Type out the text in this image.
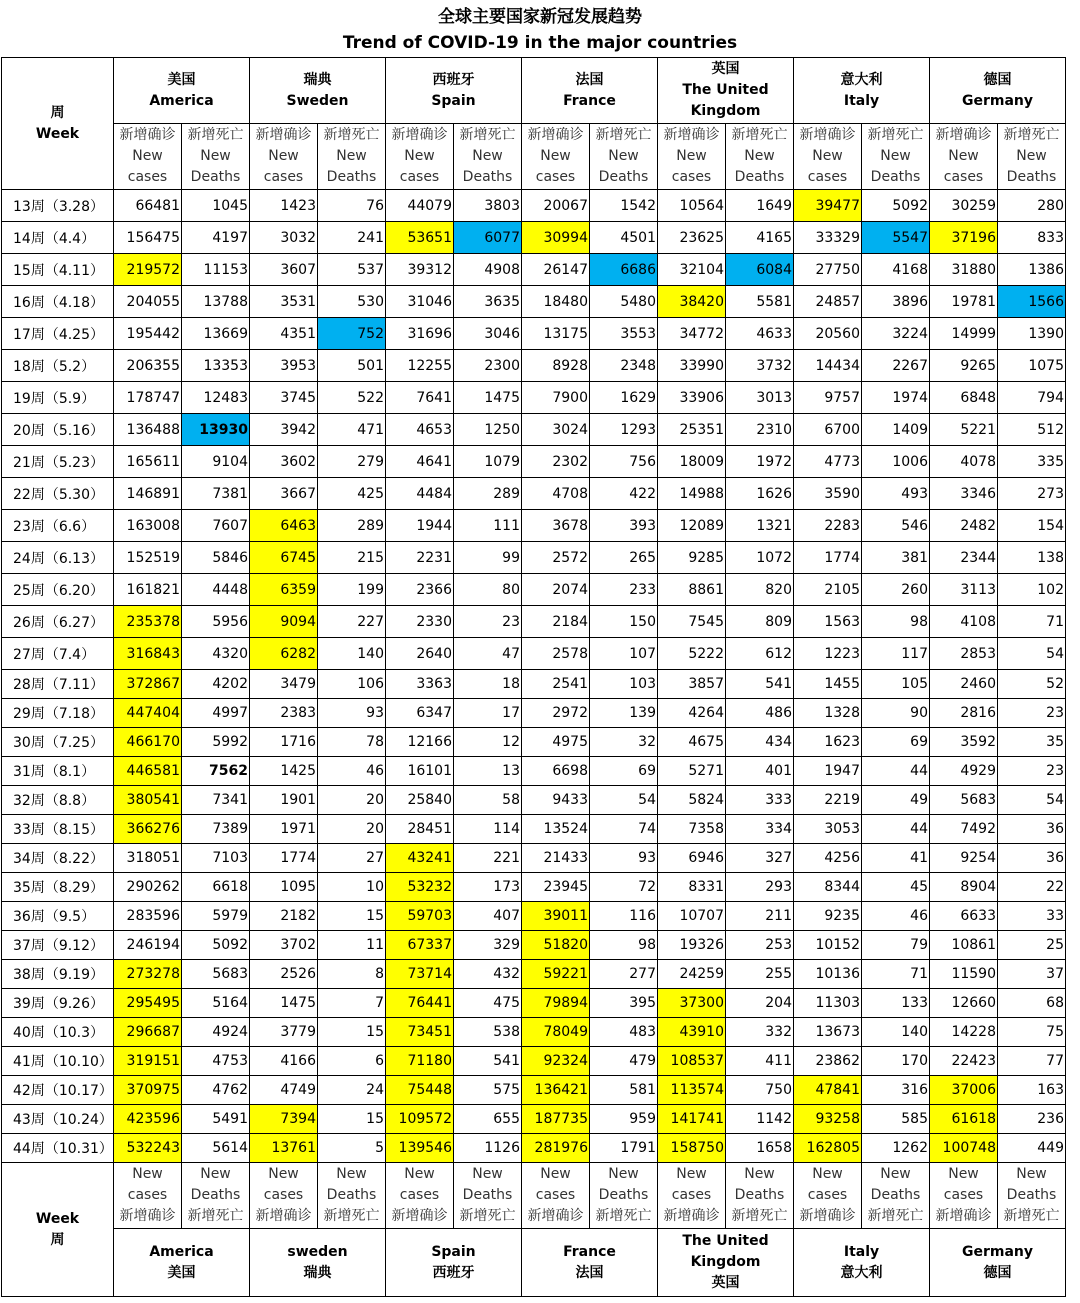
全球主要国家新冠发展趋势
Trend of COVID-19 in the major countries
周
Week	美国
America		瑞典
Sweden		西班牙
Spain		法国
France		英国
The United
Kingdom		意大利
Italy		德国
Germany	

	新增确诊
New
cases	新增死亡
New
Deaths	新增确诊
New
cases	新增死亡
New
Deaths	新增确诊
New
cases	新增死亡
New
Deaths	新增确诊
New
cases	新增死亡
New
Deaths	新增确诊
New
cases	新增死亡
New
Deaths	新增确诊
New
cases	新增死亡
New
Deaths	新增确诊
New
cases	新增死亡
New
Deaths

13周（3.28）	66481	1045	1423	76	44079	3803	20067	1542	10564	1649	39477	5092	30259	280
14周（4.4）	156475	4197	3032	241	53651	6077	30994	4501	23625	4165	33329	5547	37196	833
15周（4.11）	219572	11153	3607	537	39312	4908	26147	6686	32104	6084	27750	4168	31880	1386
16周（4.18）	204055	13788	3531	530	31046	3635	18480	5480	38420	5581	24857	3896	19781	1566
17周（4.25）	195442	13669	4351	752	31696	3046	13175	3553	34772	4633	20560	3224	14999	1390
18周（5.2）	206355	13353	3953	501	12255	2300	8928	2348	33990	3732	14434	2267	9265	1075
19周（5.9）	178747	12483	3745	522	7641	1475	7900	1629	33906	3013	9757	1974	6848	794
20周（5.16）	136488	13930	3942	471	4653	1250	3024	1293	25351	2310	6700	1409	5221	512
21周（5.23）	165611	9104	3602	279	4641	1079	2302	756	18009	1972	4773	1006	4078	335
22周（5.30）	146891	7381	3667	425	4484	289	4708	422	14988	1626	3590	493	3346	273
23周（6.6）	163008	7607	6463	289	1944	111	3678	393	12089	1321	2283	546	2482	154
24周（6.13）	152519	5846	6745	215	2231	99	2572	265	9285	1072	1774	381	2344	138
25周（6.20）	161821	4448	6359	199	2366	80	2074	233	8861	820	2105	260	3113	102
26周（6.27）	235378	5956	9094	227	2330	23	2184	150	7545	809	1563	98	4108	71
27周（7.4）	316843	4320	6282	140	2640	47	2578	107	5222	612	1223	117	2853	54
28周（7.11）	372867	4202	3479	106	3363	18	2541	103	3857	541	1455	105	2460	52
29周（7.18）	447404	4997	2383	93	6347	17	2972	139	4264	486	1328	90	2816	23
30周（7.25）	466170	5992	1716	78	12166	12	4975	32	4675	434	1623	69	3592	35
31周（8.1）	446581	7562	1425	46	16101	13	6698	69	5271	401	1947	44	4929	23
32周（8.8）	380541	7341	1901	20	25840	58	9433	54	5824	333	2219	49	5683	54
33周（8.15）	366276	7389	1971	20	28451	114	13524	74	7358	334	3053	44	7492	36
34周（8.22）	318051	7103	1774	27	43241	221	21433	93	6946	327	4256	41	9254	36
35周（8.29）	290262	6618	1095	10	53232	173	23945	72	8331	293	8344	45	8904	22
36周（9.5）	283596	5979	2182	15	59703	407	39011	116	10707	211	9235	46	6633	33
37周（9.12）	246194	5092	3702	11	67337	329	51820	98	19326	253	10152	79	10861	25
38周（9.19）	273278	5683	2526	8	73714	432	59221	277	24259	255	10136	71	11590	37
39周（9.26）	295495	5164	1475	7	76441	475	79894	395	37300	204	11303	133	12660	68
40周（10.3）	296687	4924	3779	15	73451	538	78049	483	43910	332	13673	140	14228	75
41周（10.10）	319151	4753	4166	6	71180	541	92324	479	108537	411	23862	170	22423	77
42周（10.17）	370975	4762	4749	24	75448	575	136421	581	113574	750	47841	316	37006	163
43周（10.24）	423596	5491	7394	15	109572	655	187735	959	141741	1142	93258	585	61618	236
44周（10.31）	532243	5614	13761	5	139546	1126	281976	1791	158750	1658	162805	1262	100748	449

Week
周	New
cases
新增确诊	New
Deaths
新增死亡	New
cases
新增确诊	New
Deaths
新增死亡	New
cases
新增确诊	New
Deaths
新增死亡	New
cases
新增确诊	New
Deaths
新增死亡	New
cases
新增确诊	New
Deaths
新增死亡	New
cases
新增确诊	New
Deaths
新增死亡	New
cases
新增确诊	New
Deaths
新增死亡

	America
美国		sweden
瑞典		Spain
西班牙		France
法国		The United
Kingdom
英国		Italy
意大利		Germany
德国	
